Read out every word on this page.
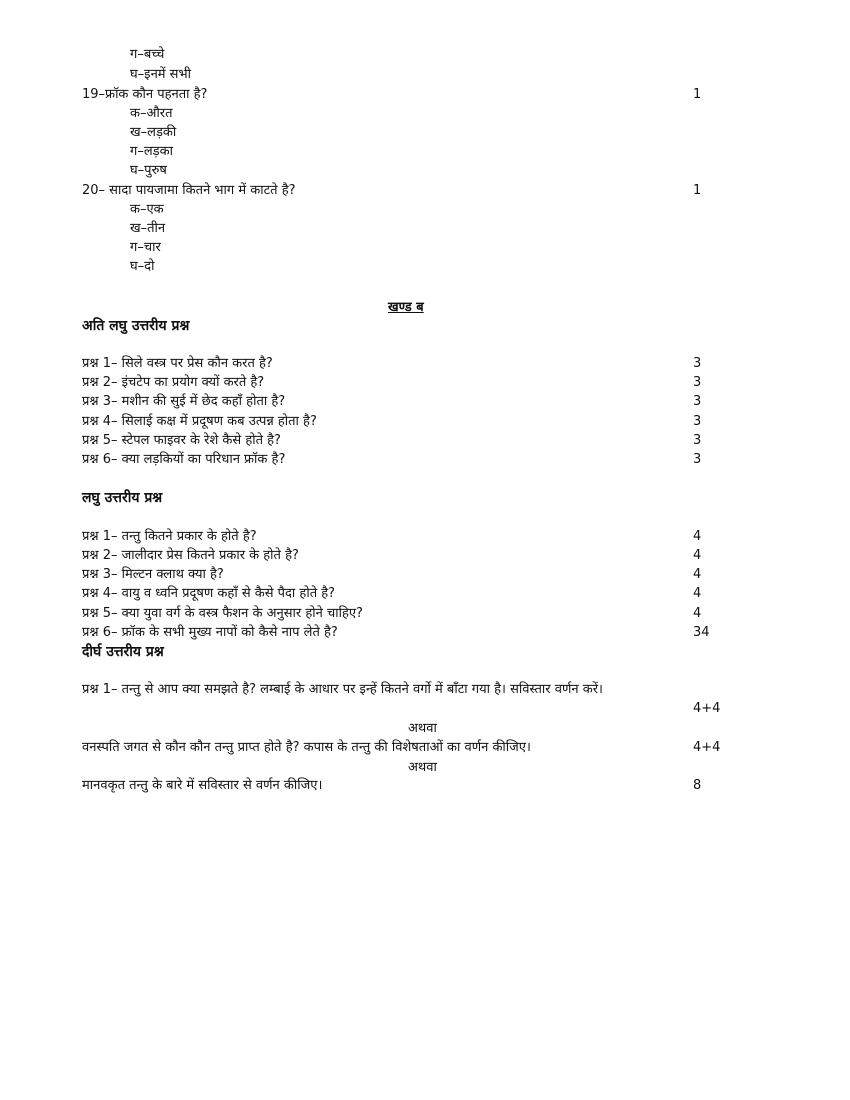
ग–बच्चे
घ–इनमें सभी
19–फ्रॉक कौन पहनता है?	1
क–औरत
ख–लड़की
ग–लड़का
घ–पुरुष
20– सादा पायजामा कितने भाग में काटते है?	1
क–एक
ख–तीन
ग–चार
घ–दो
खण्ड ब
अति लघु उत्तरीय प्रश्न
प्रश्न 1– सिले वस्त्र पर प्रेस कौन करत है?	3
प्रश्न 2– इंचटेप का प्रयोग क्यों करते है?	3
प्रश्न 3– मशीन की सुई में छेद कहाँ होता है?	3
प्रश्न 4– सिलाई कक्ष में प्रदूषण कब उत्पन्न होता है?	3
प्रश्न 5– स्टेपल फाइवर के रेशे कैसे होते है?	3
प्रश्न 6– क्या लड़कियों का परिधान फ्रॉक है?	3
लघु उत्तरीय प्रश्न
प्रश्न 1– तन्तु कितने प्रकार के होते है?	4
प्रश्न 2– जालीदार प्रेस कितने प्रकार के होते है?	4
प्रश्न 3– मिल्टन क्लाथ क्या है?	4
प्रश्न 4– वायु व ध्वनि प्रदूषण कहाँ से कैसे पैदा होते है?	4
प्रश्न 5– क्या युवा वर्ग के वस्त्र फैशन के अनुसार होने चाहिए?	4
प्रश्न 6– फ्रॉक के सभी मुख्य नापों को कैसे नाप लेते है?	34
दीर्घ उत्तरीय प्रश्न
प्रश्न 1– तन्तु से आप क्या समझते है? लम्बाई के आधार पर इन्हें कितने वर्गो में बाँटा गया है। सविस्तार वर्णन करें।
4+4
अथवा
वनस्पति जगत से कौन कौन तन्तु प्राप्त होते है? कपास के तन्तु की विशेषताओं का वर्णन कीजिए।	4+4
अथवा
मानवकृत तन्तु के बारे में सविस्तार से वर्णन कीजिए।	8
